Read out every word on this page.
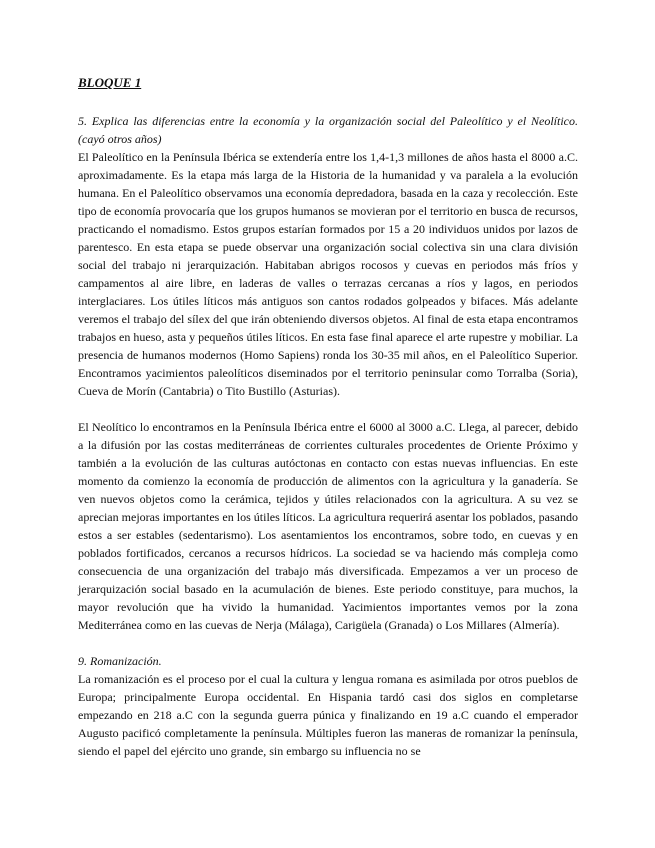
BLOQUE 1

5. Explica las diferencias entre la economía y la organización social del Paleolítico y el Neolítico. (cayó otros años)

El Paleolítico en la Península Ibérica se extendería entre los 1,4-1,3 millones de años hasta el 8000 a.C. aproximadamente. Es la etapa más larga de la Historia de la humanidad y va paralela a la evolución humana. En el Paleolítico observamos una economía depredadora, basada en la caza y recolección. Este tipo de economía provocaría que los grupos humanos se movieran por el territorio en busca de recursos, practicando el nomadismo. Estos grupos estarían formados por 15 a 20 individuos unidos por lazos de parentesco. En esta etapa se puede observar una organización social colectiva sin una clara división social del trabajo ni jerarquización. Habitaban abrigos rocosos y cuevas en periodos más fríos y campamentos al aire libre, en laderas de valles o terrazas cercanas a ríos y lagos, en periodos interglaciares. Los útiles líticos más antiguos son cantos rodados golpeados y bifaces. Más adelante veremos el trabajo del sílex del que irán obteniendo diversos objetos. Al final de esta etapa encontramos trabajos en hueso, asta y pequeños útiles líticos. En esta fase final aparece el arte rupestre y mobiliar. La presencia de humanos modernos (Homo Sapiens) ronda los 30-35 mil años, en el Paleolítico Superior. Encontramos yacimientos paleolíticos diseminados por el territorio peninsular como Torralba (Soria), Cueva de Morín (Cantabria) o Tito Bustillo (Asturias).

El Neolítico lo encontramos en la Península Ibérica entre el 6000 al 3000 a.C. Llega, al parecer, debido a la difusión por las costas mediterráneas de corrientes culturales procedentes de Oriente Próximo y también a la evolución de las culturas autóctonas en contacto con estas nuevas influencias. En este momento da comienzo la economía de producción de alimentos con la agricultura y la ganadería. Se ven nuevos objetos como la cerámica, tejidos y útiles relacionados con la agricultura. A su vez se aprecian mejoras importantes en los útiles líticos. La agricultura requerirá asentar los poblados, pasando estos a ser estables (sedentarismo). Los asentamientos los encontramos, sobre todo, en cuevas y en poblados fortificados, cercanos a recursos hídricos. La sociedad se va haciendo más compleja como consecuencia de una organización del trabajo más diversificada. Empezamos a ver un proceso de jerarquización social basado en la acumulación de bienes. Este periodo constituye, para muchos, la mayor revolución que ha vivido la humanidad. Yacimientos importantes vemos por la zona Mediterránea como en las cuevas de Nerja (Málaga), Carigüela (Granada) o Los Millares (Almería).

9. Romanización.

La romanización es el proceso por el cual la cultura y lengua romana es asimilada por otros pueblos de Europa; principalmente Europa occidental. En Hispania tardó casi dos siglos en completarse empezando en 218 a.C con la segunda guerra púnica y finalizando en 19 a.C cuando el emperador Augusto pacificó completamente la península. Múltiples fueron las maneras de romanizar la península, siendo el papel del ejército uno grande, sin embargo su influencia no se
